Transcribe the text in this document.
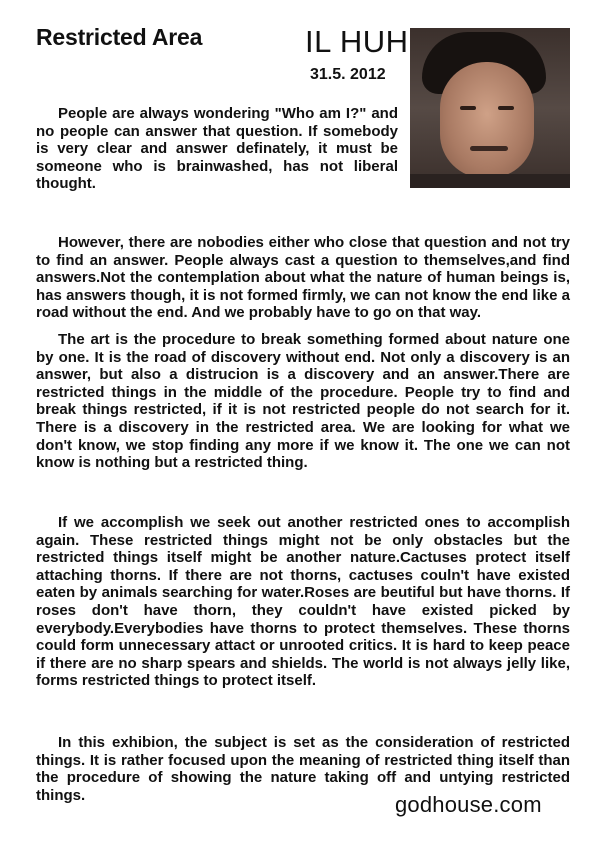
Restricted Area	IL HUH
31.5. 2012

People are always wondering "Who am I?" and no people can answer that question. If somebody is very clear and answer definately, it must be someone who is brainwashed, has not liberal thought.

However, there are nobodies either who close that question and not try to find an answer. People always cast a question to themselves,and find answers.Not the contemplation about what the nature of human beings is, has answers though, it is not formed firmly, we can not know the end like a road without the end. And we probably have to go on that way.

The art is the procedure to break something formed about nature one by one. It is the road of discovery without end. Not only a discovery is an answer, but also a distrucion is a discovery and an answer.There are restricted things in the middle of the procedure. People try to find and break things restricted, if it is not restricted people do not search for it. There is a discovery in the restricted area. We are looking for what we don't know, we stop finding any more if we know it. The one we can not know is nothing but a restricted thing.

If we accomplish we seek out another restricted ones to accomplish again. These restricted things might not be only obstacles but the restricted things itself might be another nature.Cactuses protect itself attaching thorns. If there are not thorns, cactuses couln't have existed eaten by animals searching for water.Roses are beutiful but have thorns. If roses don't have thorn, they couldn't have existed picked by everybody.Everybodies have thorns to protect themselves. These thorns could form unnecessary attact or unrooted critics. It is hard to keep peace if there are no sharp spears and shields. The world is not always jelly like, forms restricted things to protect itself.

In this exhibion, the subject is set as the consideration of restricted things. It is rather focused upon the meaning of restricted thing itself than the procedure of showing the nature taking off and untying restricted things.	godhouse.com
